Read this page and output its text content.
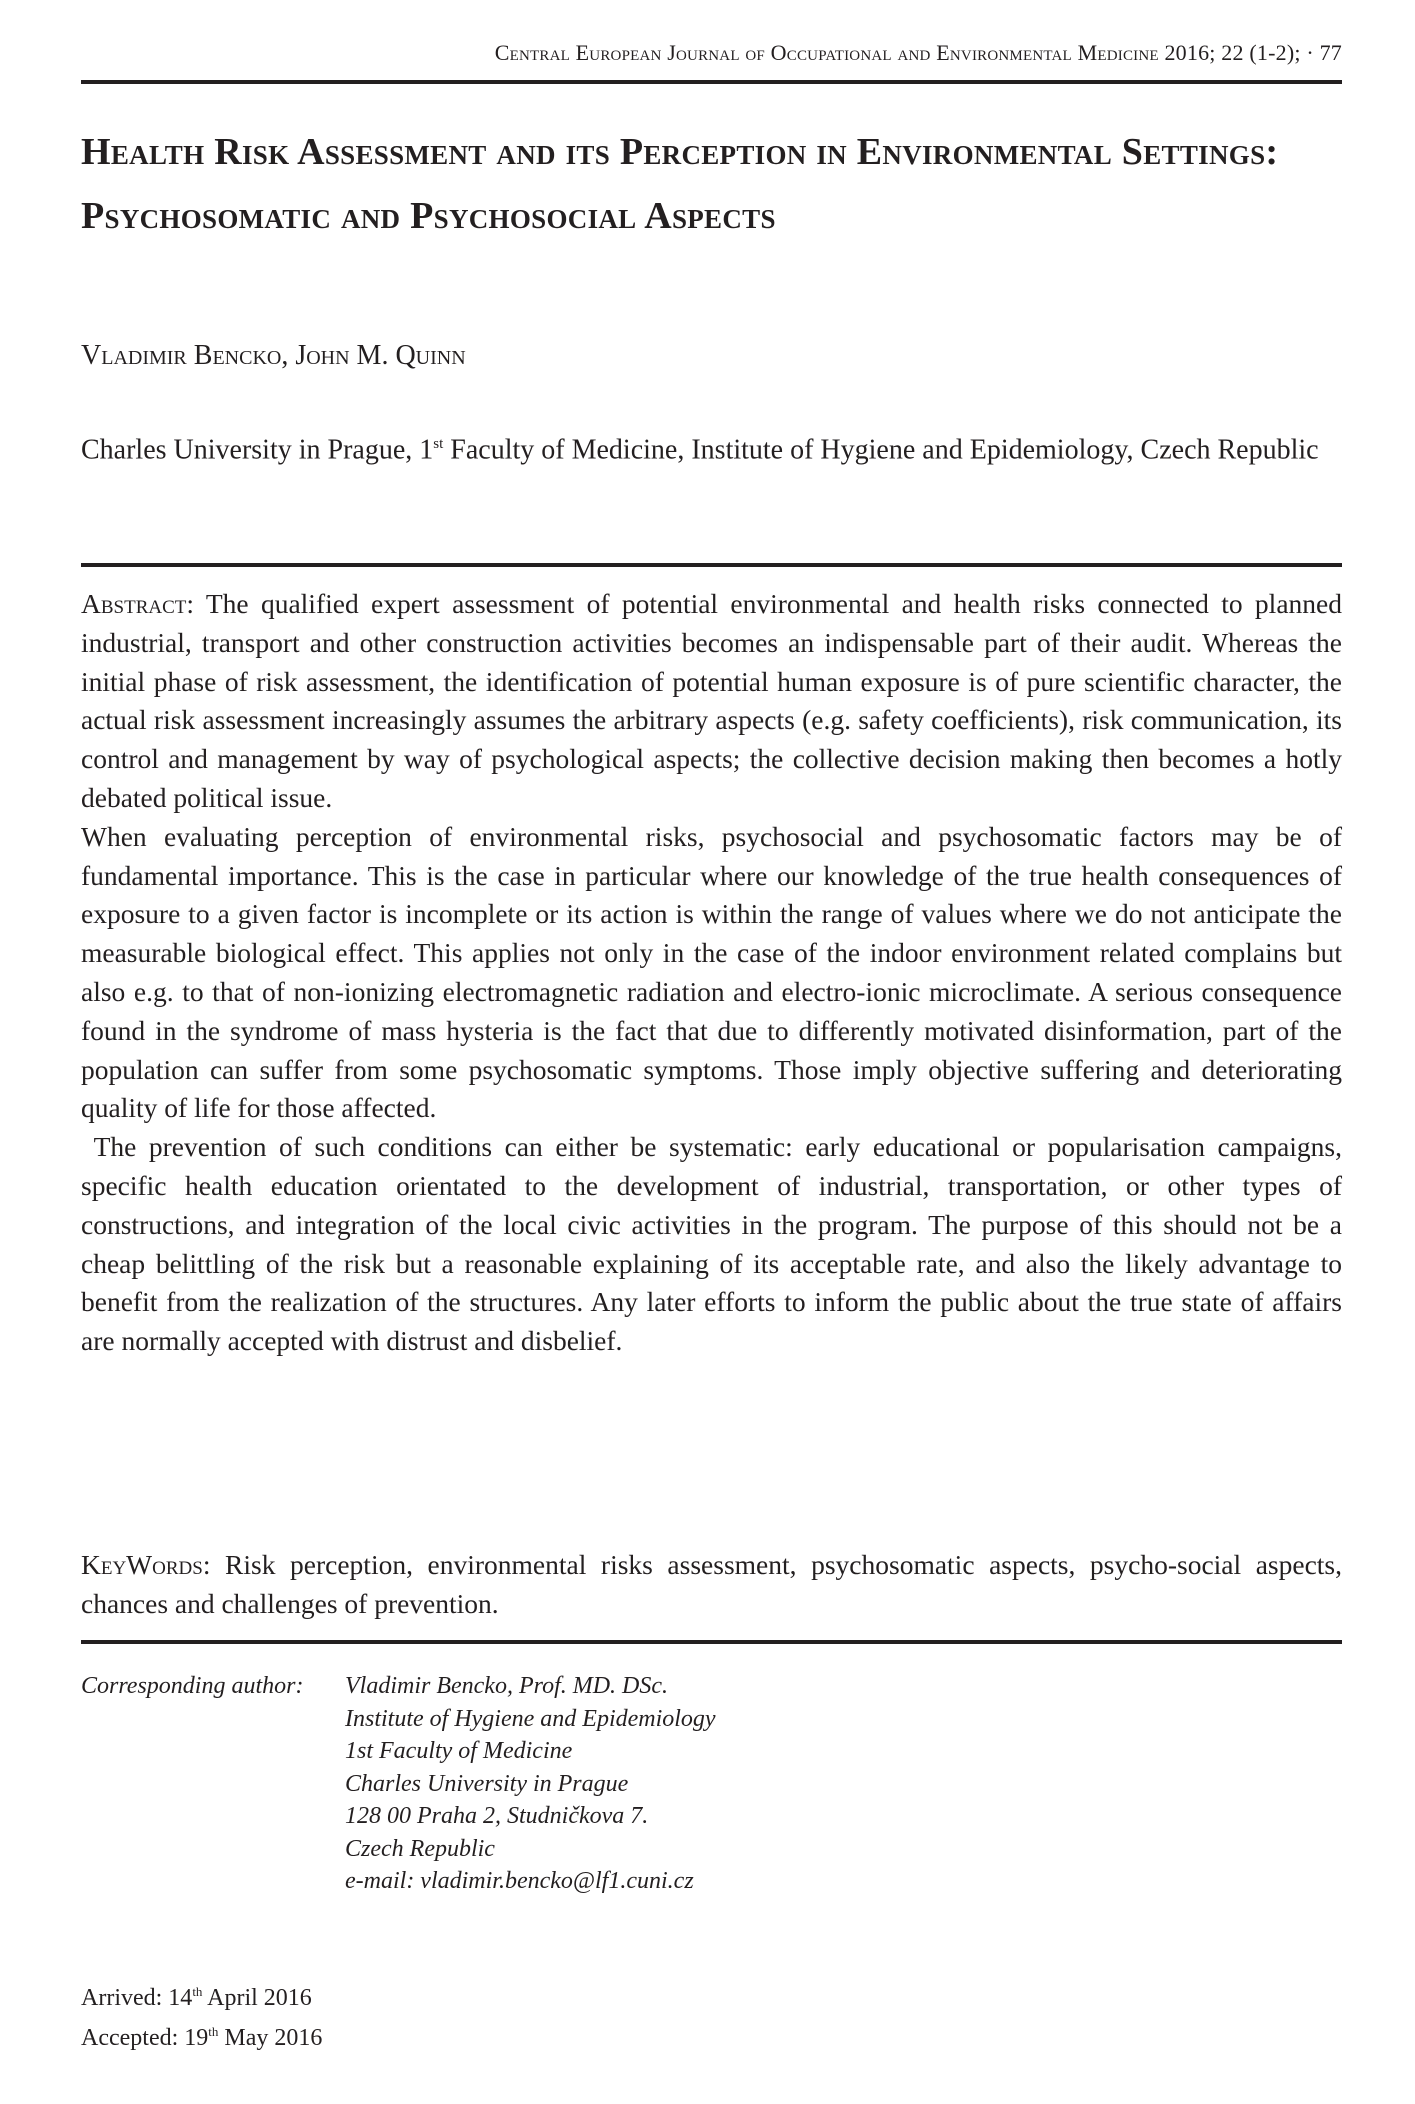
Central European Journal of Occupational and Environmental Medicine 2016; 22 (1-2); · 77
Health Risk Assessment and its Perception in Environmental Settings: Psychosomatic and Psychosocial Aspects
Vladimir Bencko, John M. Quinn
Charles University in Prague, 1st Faculty of Medicine, Institute of Hygiene and Epidemiology, Czech Republic

Abstract: The qualified expert assessment of potential environmental and health risks connected to planned industrial, transport and other construction activities becomes an indispensable part of their audit. Whereas the initial phase of risk assessment, the identification of potential human exposure is of pure scientific character, the actual risk assessment increasingly assumes the arbitrary aspects (e.g. safety coefficients), risk communication, its control and management by way of psychological aspects; the collective decision making then becomes a hotly debated political issue.

When evaluating perception of environmental risks, psychosocial and psychosomatic factors may be of fundamental importance. This is the case in particular where our knowledge of the true health consequences of exposure to a given factor is incomplete or its action is within the range of values where we do not anticipate the measurable biological effect. This applies not only in the case of the indoor environment related complains but also e.g. to that of non-ionizing electromagnetic radiation and electro-ionic microclimate. A serious consequence found in the syndrome of mass hysteria is the fact that due to differently motivated disinformation, part of the population can suffer from some psychosomatic symptoms. Those imply objective suffering and deteriorating quality of life for those affected.

The prevention of such conditions can either be systematic: early educational or popularisation campaigns, specific health education orientated to the development of industrial, transportation, or other types of constructions, and integration of the local civic activities in the program. The purpose of this should not be a cheap belittling of the risk but a reasonable explaining of its acceptable rate, and also the likely advantage to benefit from the realization of the structures. Any later efforts to inform the public about the true state of affairs are normally accepted with distrust and disbelief.

KeyWords: Risk perception, environmental risks assessment, psychosomatic aspects, psycho-social aspects, chances and challenges of prevention.
Corresponding author:	Vladimir Bencko, Prof. MD. DSc.
Institute of Hygiene and Epidemiology
1st Faculty of Medicine
Charles University in Prague
128 00 Praha 2, Studničkova 7.
Czech Republic
e-mail: vladimir.bencko@lf1.cuni.cz
Arrived: 14th April 2016
Accepted: 19th May 2016
